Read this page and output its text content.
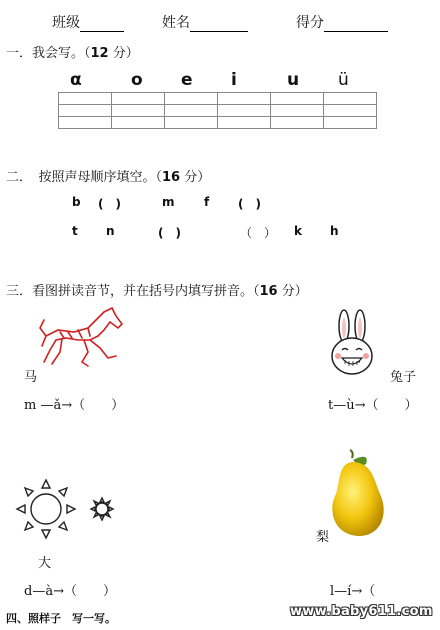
班级	姓名	得分
一．我会写。（12 分）
α	o e i	u ü

二．　按照声母顺序填空。（16 分）
b (　)	m f (　)
t n	(　)	（　） k h
三．看图拼读音节，并在括号内填写拼音。（16 分）
马
m —ǎ→（　　）
兔子
t—ù→（　　）
大
d—à→（　　）
梨
l—í→（
四、照样子　写一写。	www.baby611.com
